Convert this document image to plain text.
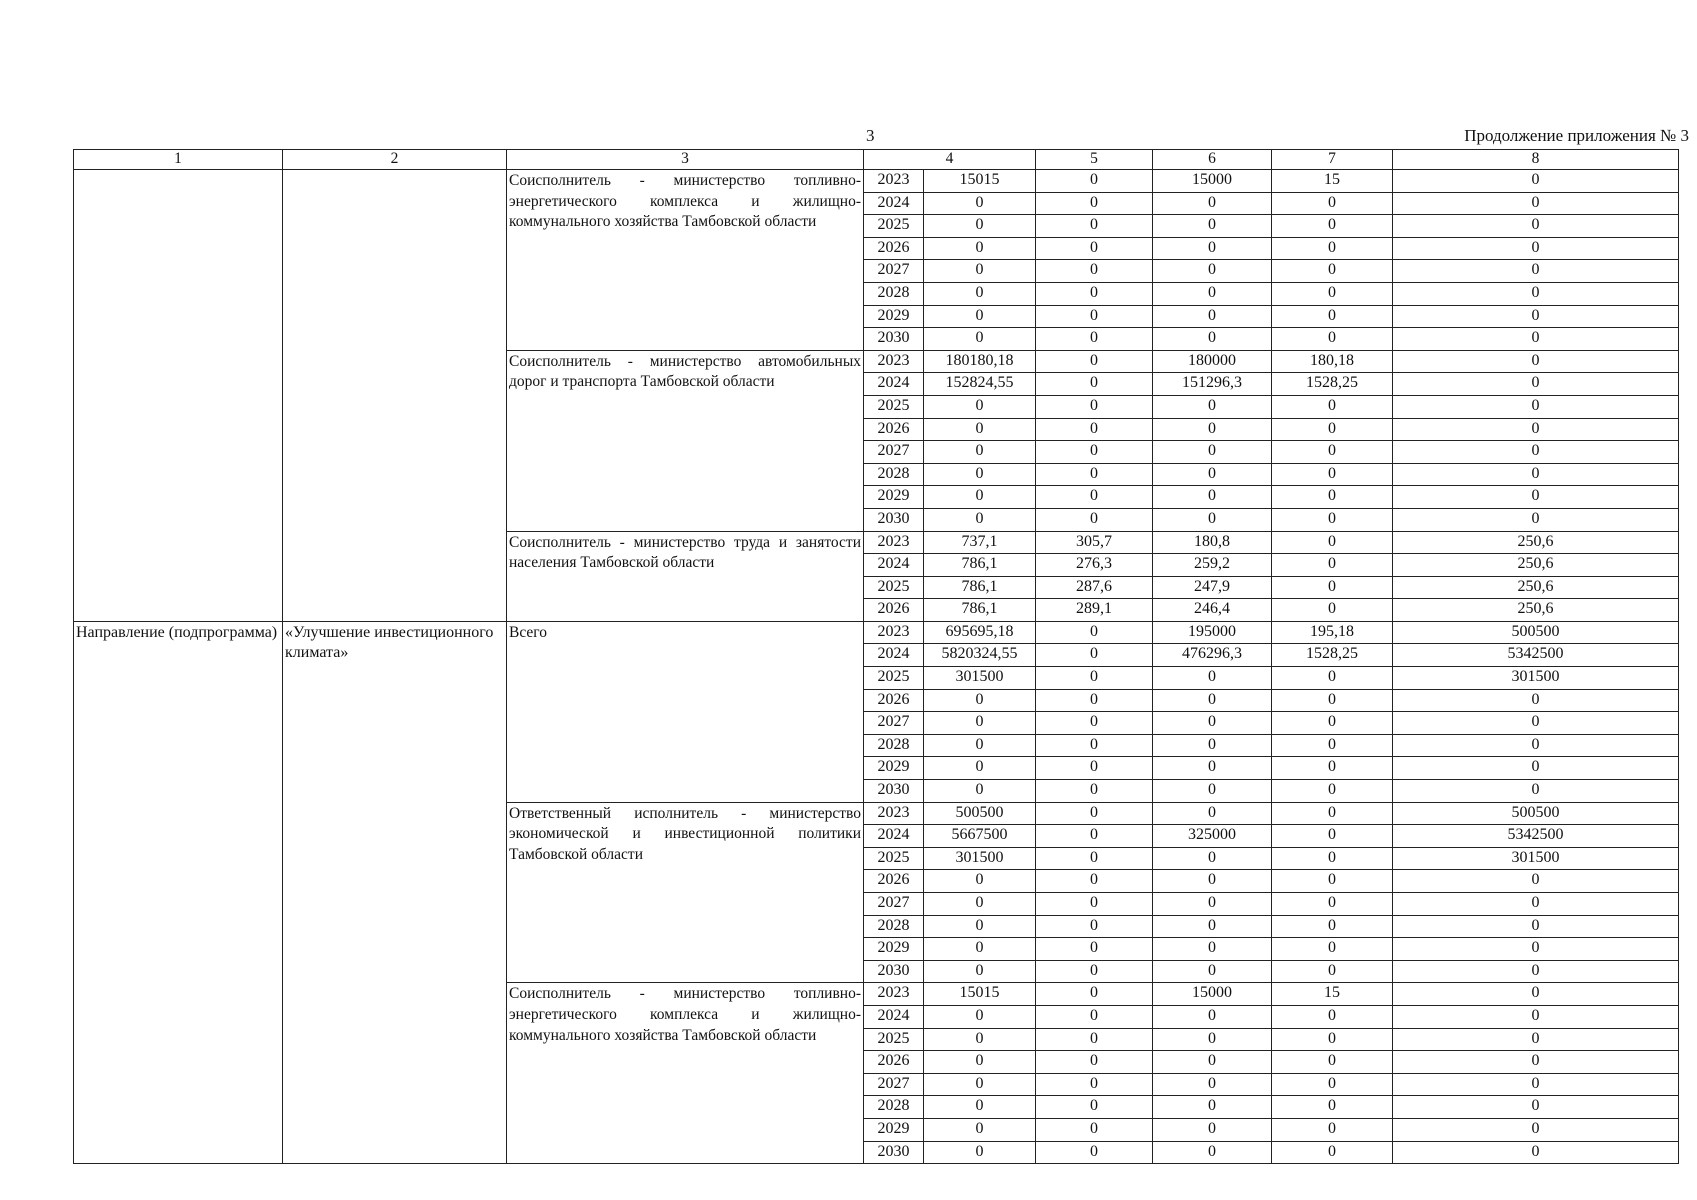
3	Продолжение приложения № 3
1	2	3	4		5	6	7	8
		Соисполнитель - министерство топливно-энергетического комплекса и жилищно-коммунального хозяйства Тамбовской области	2023	15015	0	15000	15	0
			2024	0	0	0	0	0
			2025	0	0	0	0	0
			2026	0	0	0	0	0
			2027	0	0	0	0	0
			2028	0	0	0	0	0
			2029	0	0	0	0	0
			2030	0	0	0	0	0
		Соисполнитель - министерство автомобильных дорог и транспорта Тамбовской области	2023	180180,18	0	180000	180,18	0
			2024	152824,55	0	151296,3	1528,25	0
			2025	0	0	0	0	0
			2026	0	0	0	0	0
			2027	0	0	0	0	0
			2028	0	0	0	0	0
			2029	0	0	0	0	0
			2030	0	0	0	0	0
		Соисполнитель - министерство труда и занятости населения Тамбовской области	2023	737,1	305,7	180,8	0	250,6
			2024	786,1	276,3	259,2	0	250,6
			2025	786,1	287,6	247,9	0	250,6
			2026	786,1	289,1	246,4	0	250,6
Направление (подпрограмма)	«Улучшение инвестиционного климата»	Всего	2023	695695,18	0	195000	195,18	500500
			2024	5820324,55	0	476296,3	1528,25	5342500
			2025	301500	0	0	0	301500
			2026	0	0	0	0	0
			2027	0	0	0	0	0
			2028	0	0	0	0	0
			2029	0	0	0	0	0
			2030	0	0	0	0	0
		Ответственный исполнитель - министерство экономической и инвестиционной политики Тамбовской области	2023	500500	0	0	0	500500
			2024	5667500	0	325000	0	5342500
			2025	301500	0	0	0	301500
			2026	0	0	0	0	0
			2027	0	0	0	0	0
			2028	0	0	0	0	0
			2029	0	0	0	0	0
			2030	0	0	0	0	0
		Соисполнитель - министерство топливно-энергетического комплекса и жилищно-коммунального хозяйства Тамбовской области	2023	15015	0	15000	15	0
			2024	0	0	0	0	0
			2025	0	0	0	0	0
			2026	0	0	0	0	0
			2027	0	0	0	0	0
			2028	0	0	0	0	0
			2029	0	0	0	0	0
			2030	0	0	0	0	0
